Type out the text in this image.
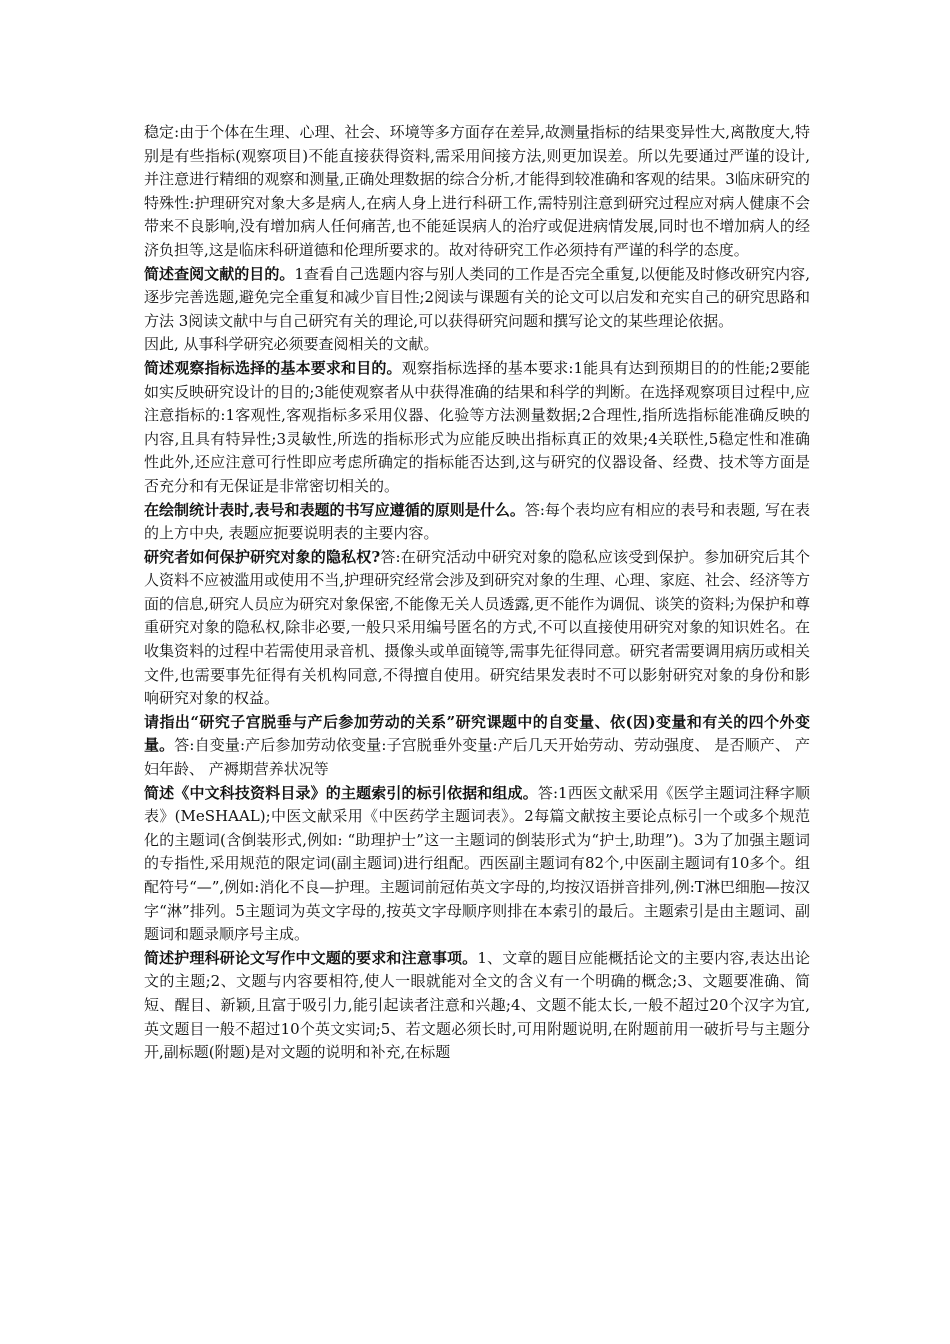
稳定:由于个体在生理、心理、社会、环境等多方面存在差异,故测量指标的结果变异性大,离散度大,特别是有些指标(观察项目)不能直接获得资料,需采用间接方法,则更加误差。所以先要通过严谨的设计,并注意进行精细的观察和测量,正确处理数据的综合分析,才能得到较准确和客观的结果。3临床研究的特殊性:护理研究对象大多是病人,在病人身上进行科研工作,需特别注意到研究过程应对病人健康不会带来不良影响,没有增加病人任何痛苦,也不能延误病人的治疗或促进病情发展,同时也不增加病人的经济负担等,这是临床科研道德和伦理所要求的。故对待研究工作必须持有严谨的科学的态度。

简述查阅文献的目的。1查看自己选题内容与别人类同的工作是否完全重复,以便能及时修改研究内容,逐步完善选题,避免完全重复和减少盲目性;2阅读与课题有关的论文可以启发和充实自己的研究思路和方法 3阅读文献中与自己研究有关的理论,可以获得研究问题和撰写论文的某些理论依据。

因此, 从事科学研究必须要查阅相关的文献。

简述观察指标选择的基本要求和目的。观察指标选择的基本要求:1能具有达到预期目的的性能;2要能如实反映研究设计的目的;3能使观察者从中获得准确的结果和科学的判断。在选择观察项目过程中,应注意指标的:1客观性,客观指标多采用仪器、化验等方法测量数据;2合理性,指所选指标能准确反映的内容,且具有特异性;3灵敏性,所选的指标形式为应能反映出指标真正的效果;4关联性,5稳定性和准确性此外,还应注意可行性即应考虑所确定的指标能否达到,这与研究的仪器设备、经费、技术等方面是否充分和有无保证是非常密切相关的。

在绘制统计表时,表号和表题的书写应遵循的原则是什么。答:每个表均应有相应的表号和表题, 写在表的上方中央, 表题应扼要说明表的主要内容。

研究者如何保护研究对象的隐私权?答:在研究活动中研究对象的隐私应该受到保护。参加研究后其个人资料不应被滥用或使用不当,护理研究经常会涉及到研究对象的生理、心理、家庭、社会、经济等方面的信息,研究人员应为研究对象保密,不能像无关人员透露,更不能作为调侃、谈笑的资料;为保护和尊重研究对象的隐私权,除非必要,一般只采用编号匿名的方式,不可以直接使用研究对象的知识姓名。在收集资料的过程中若需使用录音机、摄像头或单面镜等,需事先征得同意。研究者需要调用病历或相关文件,也需要事先征得有关机构同意,不得擅自使用。研究结果发表时不可以影射研究对象的身份和影响研究对象的权益。

请指出“研究子宫脱垂与产后参加劳动的关系”研究课题中的自变量、依(因)变量和有关的四个外变量。答:自变量:产后参加劳动依变量:子宫脱垂外变量:产后几天开始劳动、劳动强度、 是否顺产、 产妇年龄、 产褥期营养状况等

简述《中文科技资料目录》的主题索引的标引依据和组成。答:1西医文献采用《医学主题词注释字顺表》(MeSHAAL);中医文献采用《中医药学主题词表》。2每篇文献按主要论点标引一个或多个规范化的主题词(含倒装形式,例如: “助理护士”这一主题词的倒装形式为“护士,助理”)。3为了加强主题词的专指性,采用规范的限定词(副主题词)进行组配。西医副主题词有82个,中医副主题词有10多个。组配符号“—”,例如:消化不良—护理。主题词前冠佑英文字母的,均按汉语拼音排列,例:T淋巴细胞—按汉字“淋”排列。5主题词为英文字母的,按英文字母顺序则排在本索引的最后。主题索引是由主题词、副题词和题录顺序号主成。

简述护理科研论文写作中文题的要求和注意事项。1、文章的题目应能概括论文的主要内容,表达出论文的主题;2、文题与内容要相符,使人一眼就能对全文的含义有一个明确的概念;3、文题要准确、简短、醒目、新颖,且富于吸引力,能引起读者注意和兴趣;4、文题不能太长,一般不超过20个汉字为宜,英文题目一般不超过10个英文实词;5、若文题必须长时,可用附题说明,在附题前用一破折号与主题分开,副标题(附题)是对文题的说明和补充,在标题
